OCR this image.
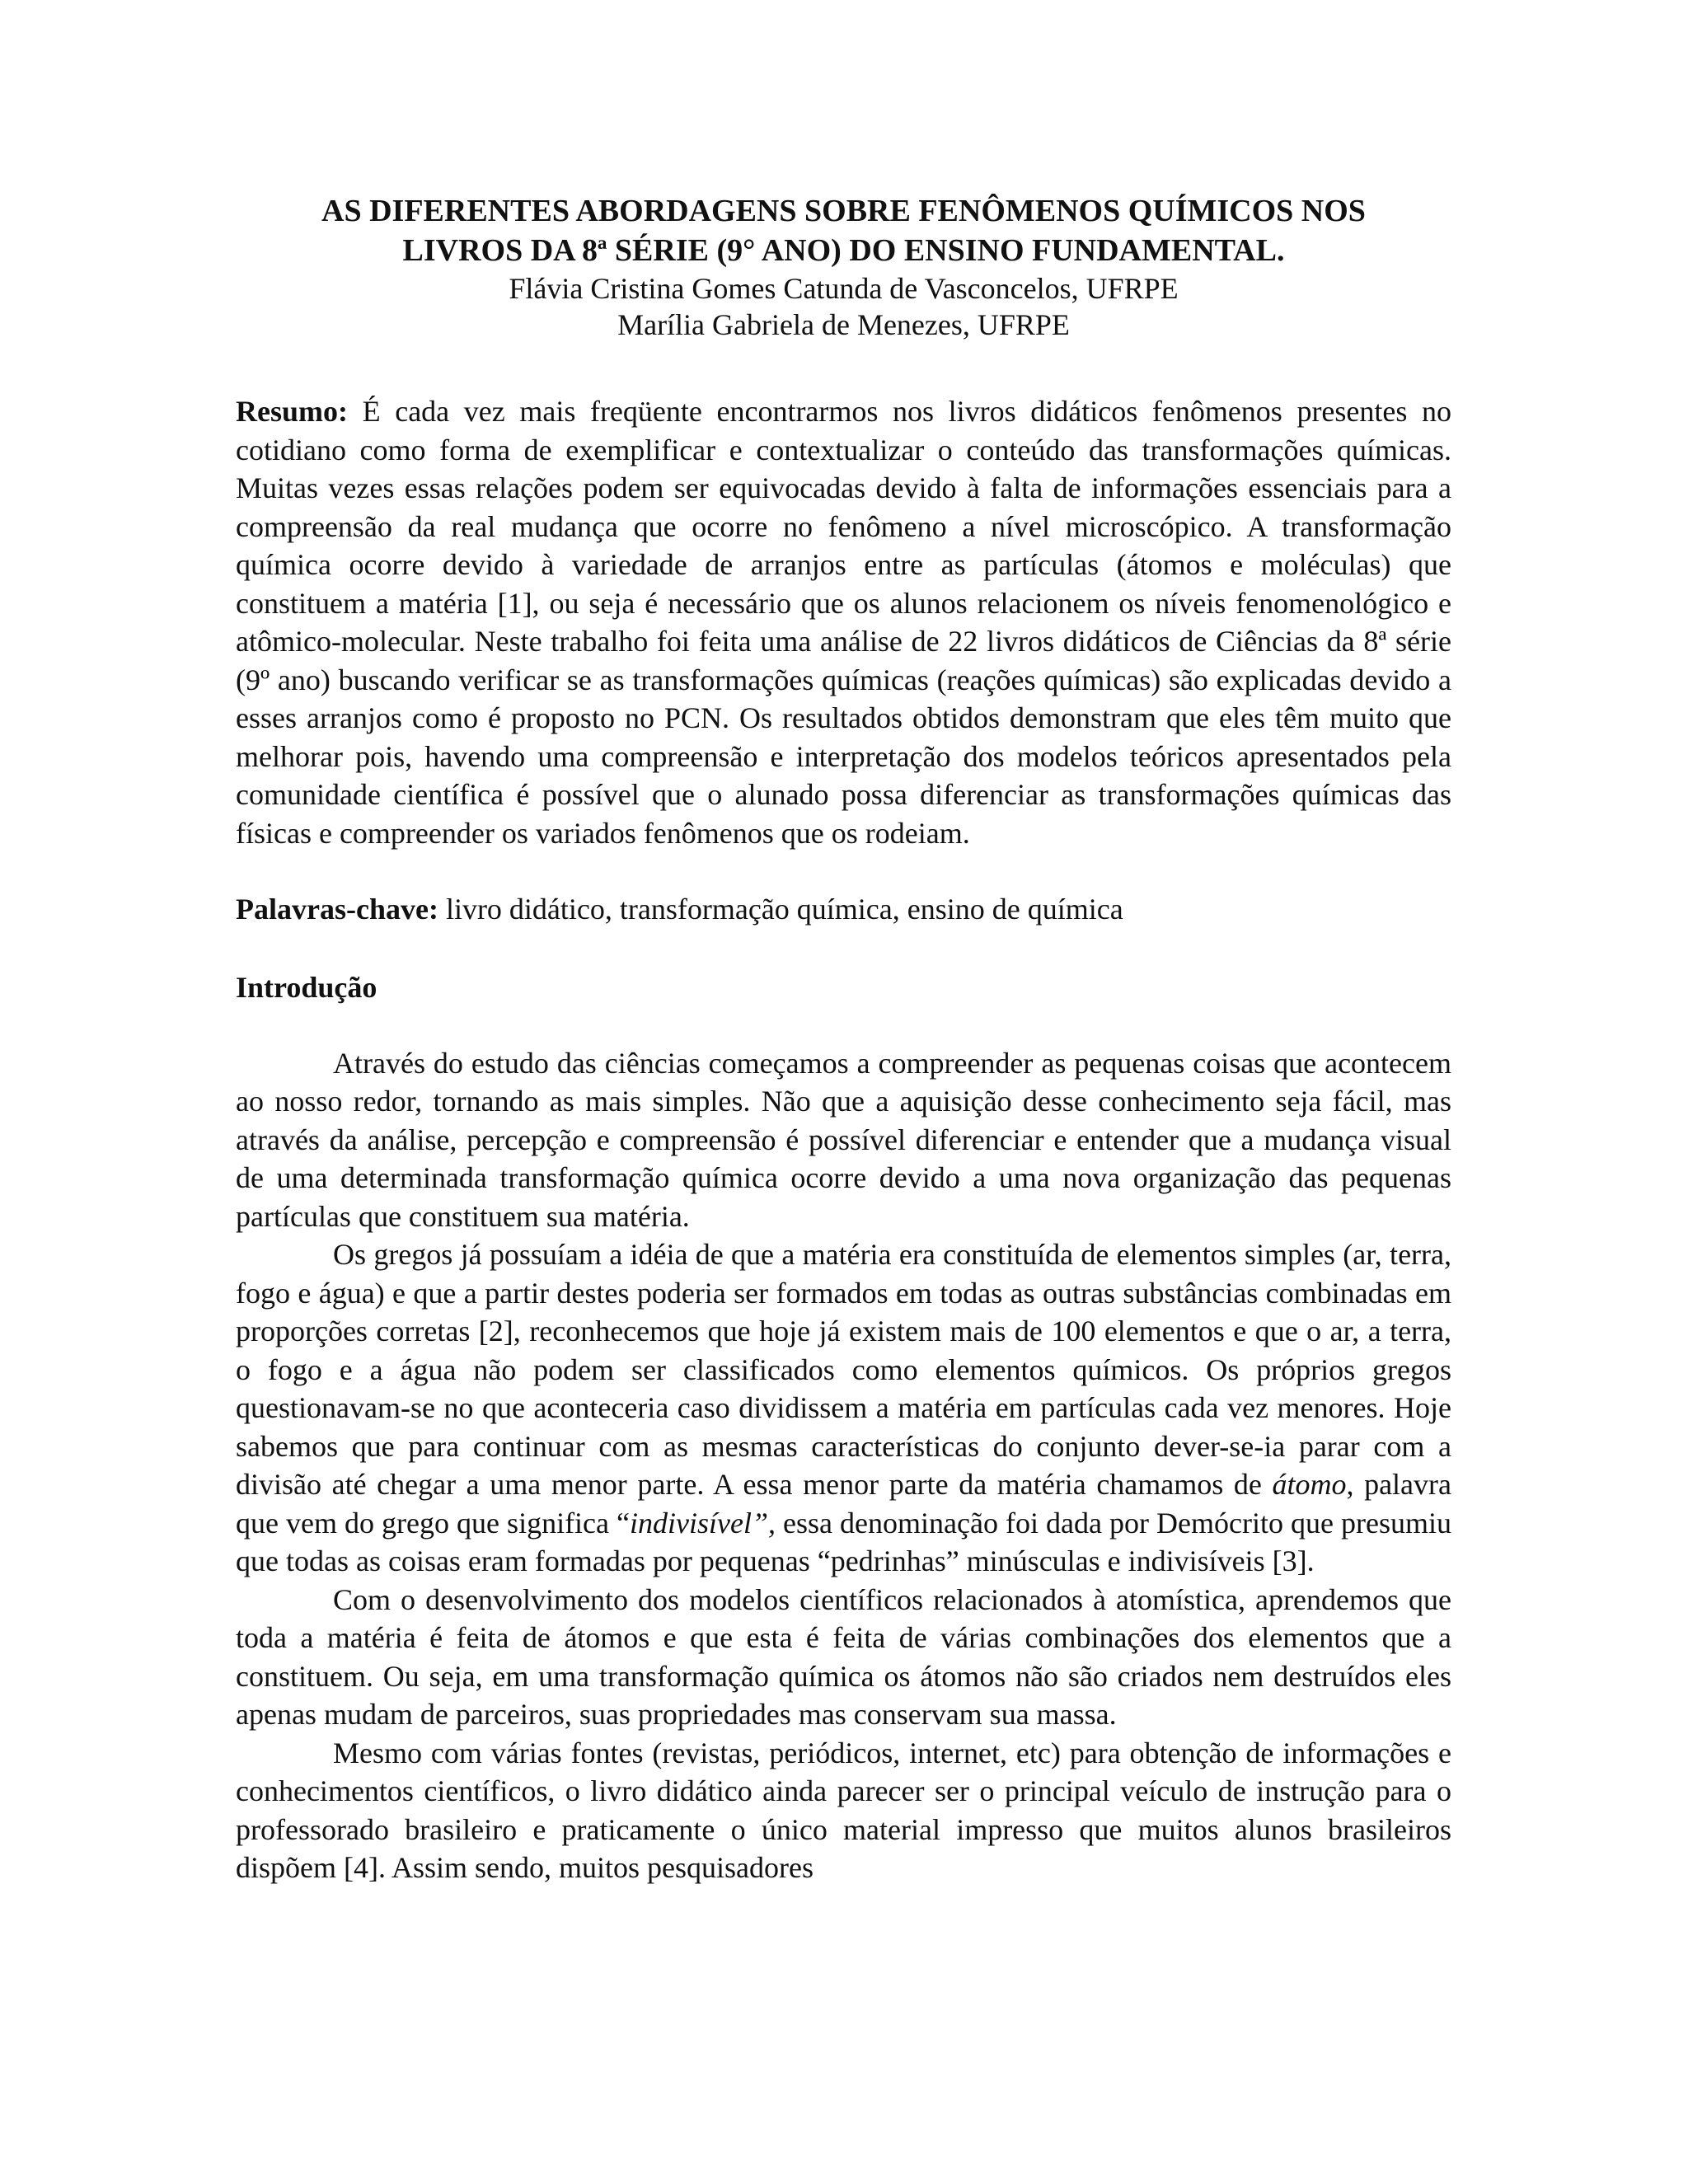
AS DIFERENTES ABORDAGENS SOBRE FENÔMENOS QUÍMICOS NOS
LIVROS DA 8ª SÉRIE (9° ANO) DO ENSINO FUNDAMENTAL.
Flávia Cristina Gomes Catunda de Vasconcelos, UFRPE
Marília Gabriela de Menezes, UFRPE

Resumo: É cada vez mais freqüente encontrarmos nos livros didáticos fenômenos presentes no cotidiano como forma de exemplificar e contextualizar o conteúdo das transformações químicas. Muitas vezes essas relações podem ser equivocadas devido à falta de informações essenciais para a compreensão da real mudança que ocorre no fenômeno a nível microscópico. A transformação química ocorre devido à variedade de arranjos entre as partículas (átomos e moléculas) que constituem a matéria [1], ou seja é necessário que os alunos relacionem os níveis fenomenológico e atômico-molecular. Neste trabalho foi feita uma análise de 22 livros didáticos de Ciências da 8ª série (9º ano) buscando verificar se as transformações químicas (reações químicas) são explicadas devido a esses arranjos como é proposto no PCN. Os resultados obtidos demonstram que eles têm muito que melhorar pois, havendo uma compreensão e interpretação dos modelos teóricos apresentados pela comunidade científica é possível que o alunado possa diferenciar as transformações químicas das físicas e compreender os variados fenômenos que os rodeiam.

Palavras-chave: livro didático, transformação química, ensino de química

Introdução

Através do estudo das ciências começamos a compreender as pequenas coisas que acontecem ao nosso redor, tornando as mais simples. Não que a aquisição desse conhecimento seja fácil, mas através da análise, percepção e compreensão é possível diferenciar e entender que a mudança visual de uma determinada transformação química ocorre devido a uma nova organização das pequenas partículas que constituem sua matéria.

Os gregos já possuíam a idéia de que a matéria era constituída de elementos simples (ar, terra, fogo e água) e que a partir destes poderia ser formados em todas as outras substâncias combinadas em proporções corretas [2], reconhecemos que hoje já existem mais de 100 elementos e que o ar, a terra, o fogo e a água não podem ser classificados como elementos químicos. Os próprios gregos questionavam-se no que aconteceria caso dividissem a matéria em partículas cada vez menores. Hoje sabemos que para continuar com as mesmas características do conjunto dever-se-ia parar com a divisão até chegar a uma menor parte. A essa menor parte da matéria chamamos de átomo, palavra que vem do grego que significa “indivisível”, essa denominação foi dada por Demócrito que presumiu que todas as coisas eram formadas por pequenas “pedrinhas” minúsculas e indivisíveis [3].

Com o desenvolvimento dos modelos científicos relacionados à atomística, aprendemos que toda a matéria é feita de átomos e que esta é feita de várias combinações dos elementos que a constituem. Ou seja, em uma transformação química os átomos não são criados nem destruídos eles apenas mudam de parceiros, suas propriedades mas conservam sua massa.

Mesmo com várias fontes (revistas, periódicos, internet, etc) para obtenção de informações e conhecimentos científicos, o livro didático ainda parecer ser o principal veículo de instrução para o professorado brasileiro e praticamente o único material impresso que muitos alunos brasileiros dispõem [4]. Assim sendo, muitos pesquisadores
